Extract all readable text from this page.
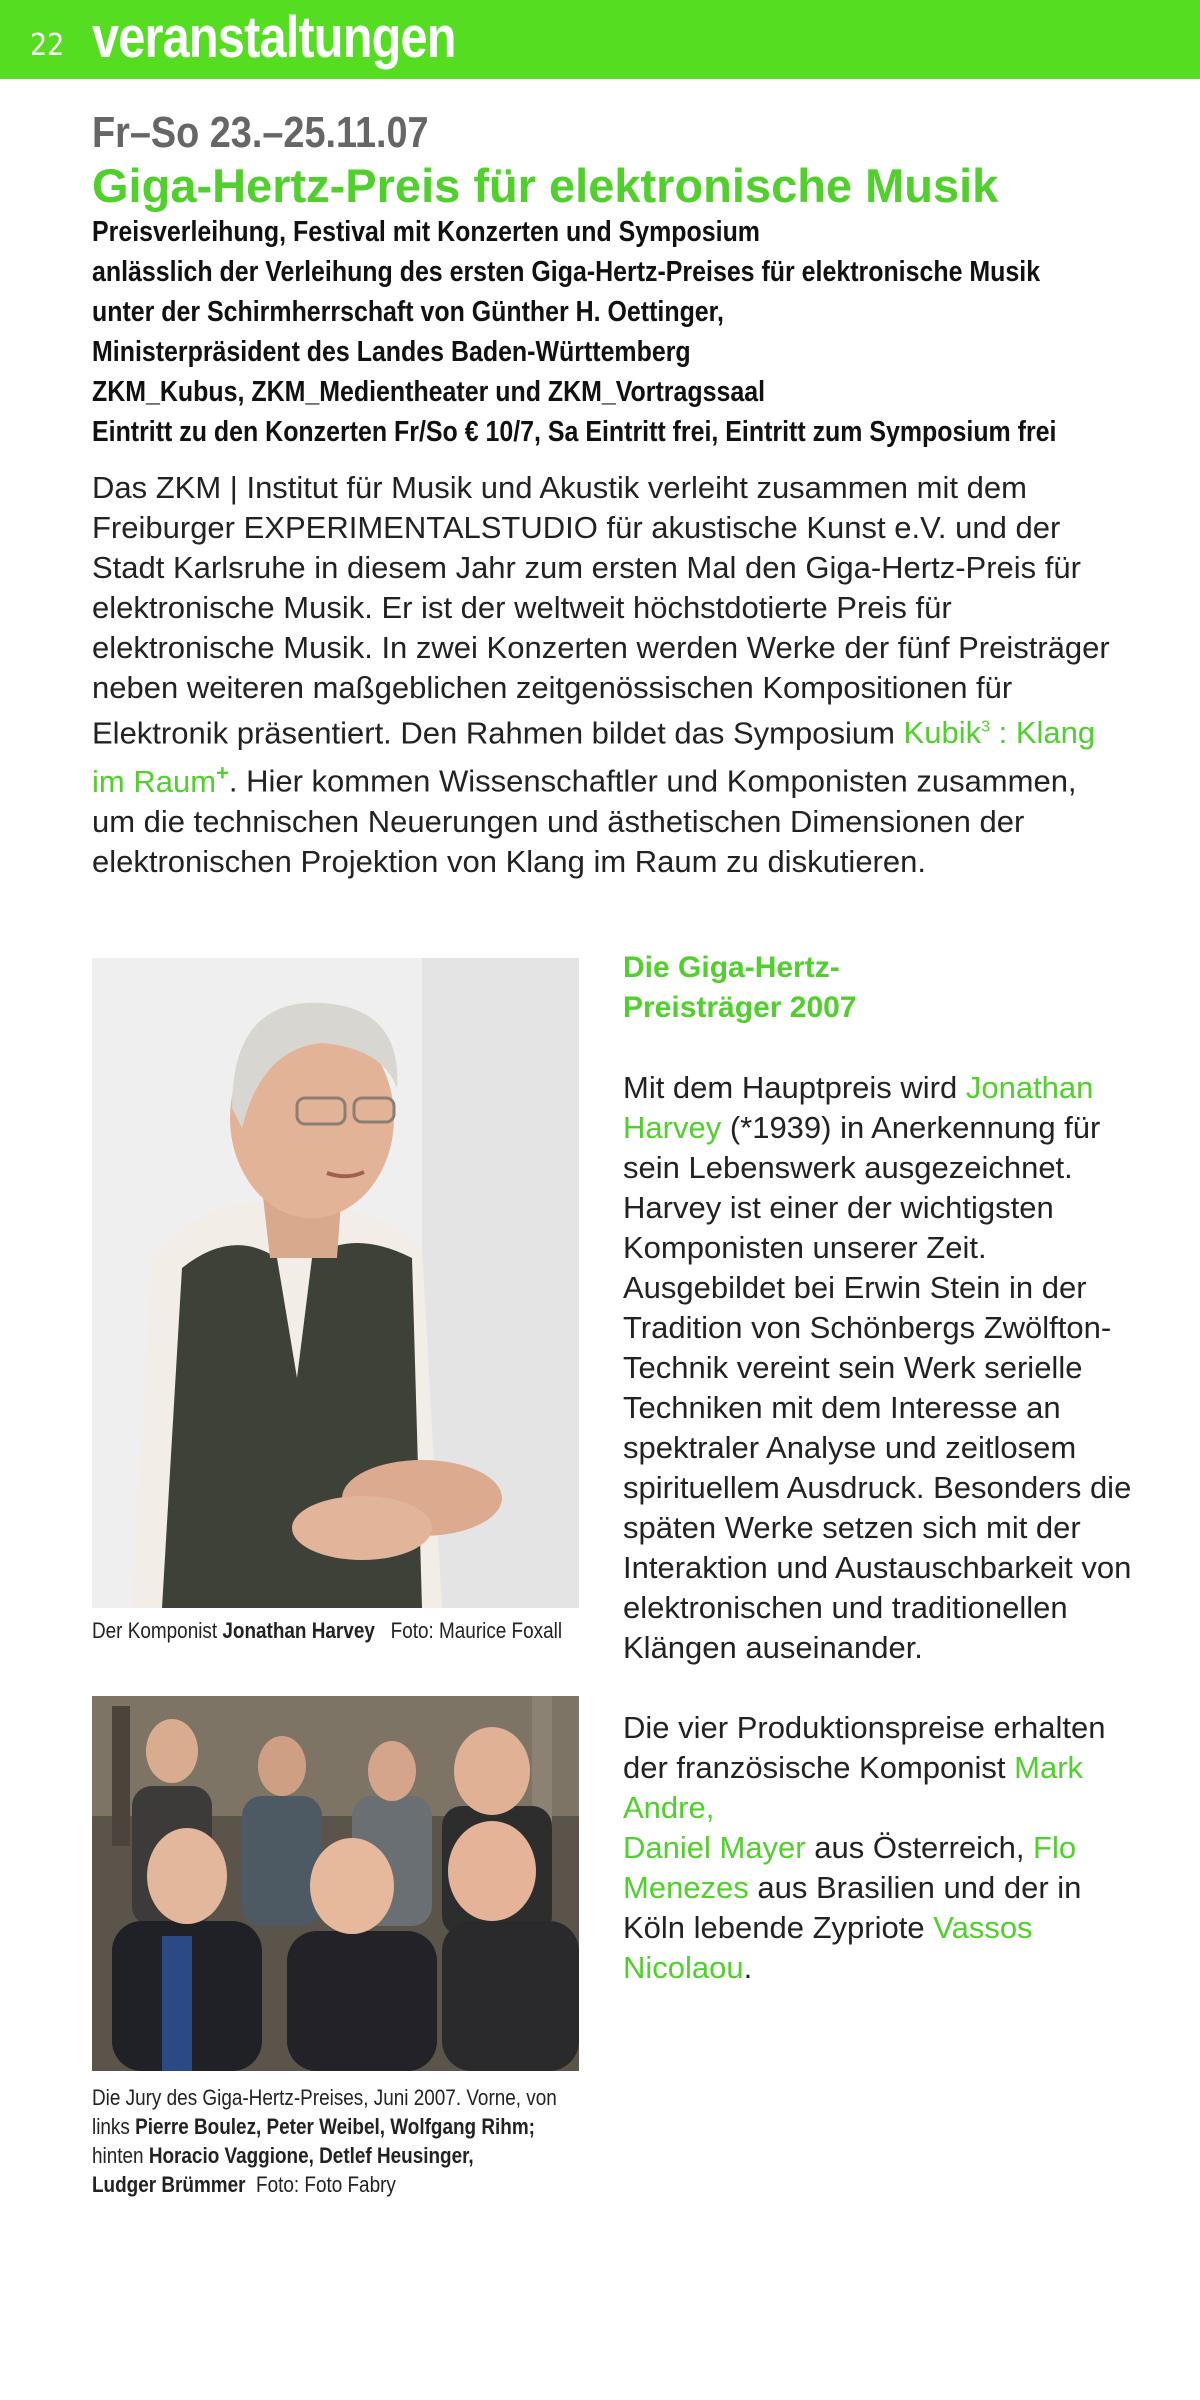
22 veranstaltungen
Fr–So 23.–25.11.07
Giga-Hertz-Preis für elektronische Musik
Preisverleihung, Festival mit Konzerten und Symposium
anlässlich der Verleihung des ersten Giga-Hertz-Preises für elektronische Musik
unter der Schirmherrschaft von Günther H. Oettinger,
Ministerpräsident des Landes Baden-Württemberg
ZKM_Kubus, ZKM_Medientheater und ZKM_Vortragssaal
Eintritt zu den Konzerten Fr/So € 10/7, Sa Eintritt frei, Eintritt zum Symposium frei
Das ZKM | Institut für Musik und Akustik verleiht zusammen mit dem Freiburger EXPERIMENTALSTUDIO für akustische Kunst e.V. und der Stadt Karlsruhe in diesem Jahr zum ersten Mal den Giga-Hertz-Preis für elektronische Musik. Er ist der weltweit höchstdotierte Preis für elektronische Musik. In zwei Konzerten werden Werke der fünf Preisträger neben weiteren maßgeblichen zeitgenössischen Kompositionen für Elektronik präsentiert. Den Rahmen bildet das Symposium Kubik$^3$ : Klang im Raum+. Hier kommen Wissenschaftler und Komponisten zusammen, um die technischen Neuerungen und ästhetischen Dimensionen der elektronischen Projektion von Klang im Raum zu diskutieren.
Der Komponist Jonathan Harvey   Foto: Maurice Foxall
Die Jury des Giga-Hertz-Preises, Juni 2007. Vorne, von
links Pierre Boulez, Peter Weibel, Wolfgang Rihm;
hinten Horacio Vaggione, Detlef Heusinger,
Ludger Brümmer  Foto: Foto Fabry
Die Giga-Hertz-
Preisträger 2007
Mit dem Hauptpreis wird Jonathan Harvey (*1939) in Anerkennung für sein Lebenswerk ausgezeichnet. Harvey ist einer der wichtigsten Komponisten unserer Zeit. Ausgebildet bei Erwin Stein in der Tradition von Schönbergs Zwölfton-Technik vereint sein Werk serielle Techniken mit dem Interesse an spektraler Analyse und zeitlosem spirituellem Ausdruck. Besonders die späten Werke setzen sich mit der Interaktion und Austauschbarkeit von elektronischen und traditionellen Klängen auseinander.
Die vier Produktionspreise erhalten der französische Komponist Mark Andre,
Daniel Mayer aus Österreich, Flo Menezes aus Brasilien und der in Köln lebende Zypriote Vassos Nicolaou.
